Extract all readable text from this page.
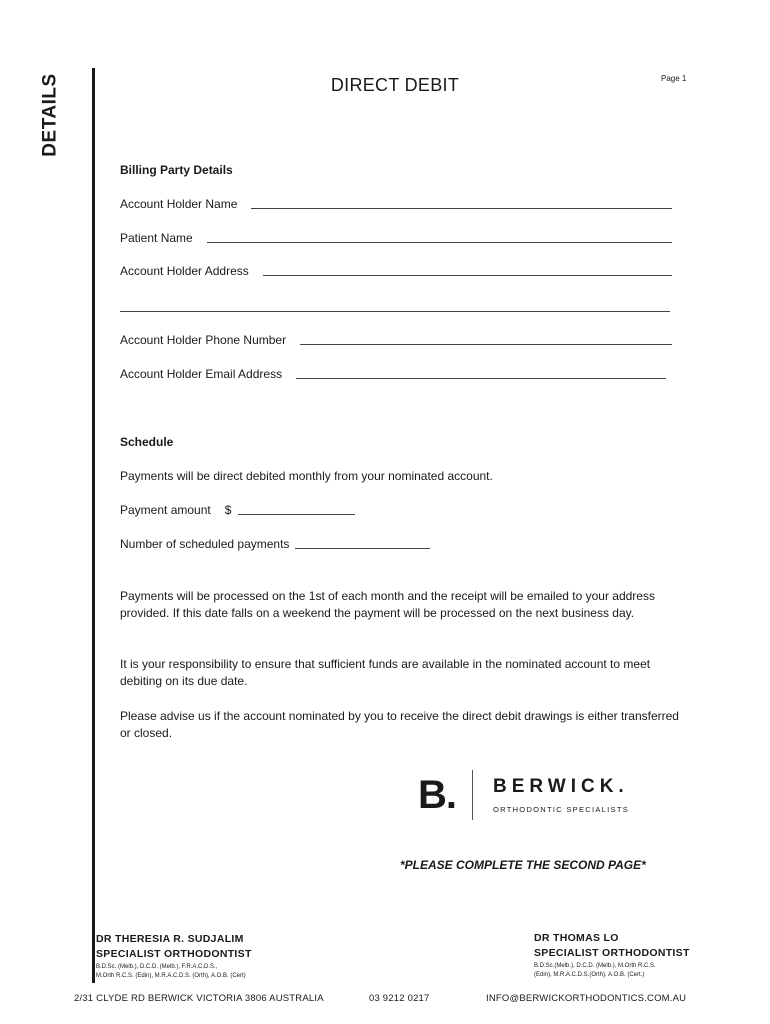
DETAILS	DIRECT DEBIT	Page 1
Billing Party Details
Account Holder Name
Patient Name
Account Holder Address
Account Holder Phone Number
Account Holder Email Address
Schedule
Payments will be direct debited monthly from your nominated account.
Payment amount $
Number of scheduled payments
Payments will be processed on the 1st of each month and the receipt will be emailed to your address provided. If this date falls on a weekend the payment will be processed on the next business day.
It is your responsibility to ensure that sufficient funds are available in the nominated account to meet debiting on its due date.
Please advise us if the account nominated by you to receive the direct debit drawings is either transferred or closed.
B. BERWICK.
ORTHODONTIC SPECIALISTS
*PLEASE COMPLETE THE SECOND PAGE*
DR THERESIA R. SUDJALIM
SPECIALIST ORTHODONTIST
B.D.Sc. (Melb.), D.C.D. (Melb.), F.R.A.C.D.S.,
M.Orth R.C.S. (Edin), M.R.A.C.D.S. (Orth), A.O.B. (Cert)
DR THOMAS LO
SPECIALIST ORTHODONTIST
B.D.Sc.(Melb.), D.C.D. (Melb.), M.Orth R.C.S.
(Edin), M.R.A.C.D.S.(Orth), A.O.B. (Cert.)
2/31 CLYDE RD BERWICK VICTORIA 3806 AUSTRALIA	03 9212 0217	INFO@BERWICKORTHODONTICS.COM.AU
